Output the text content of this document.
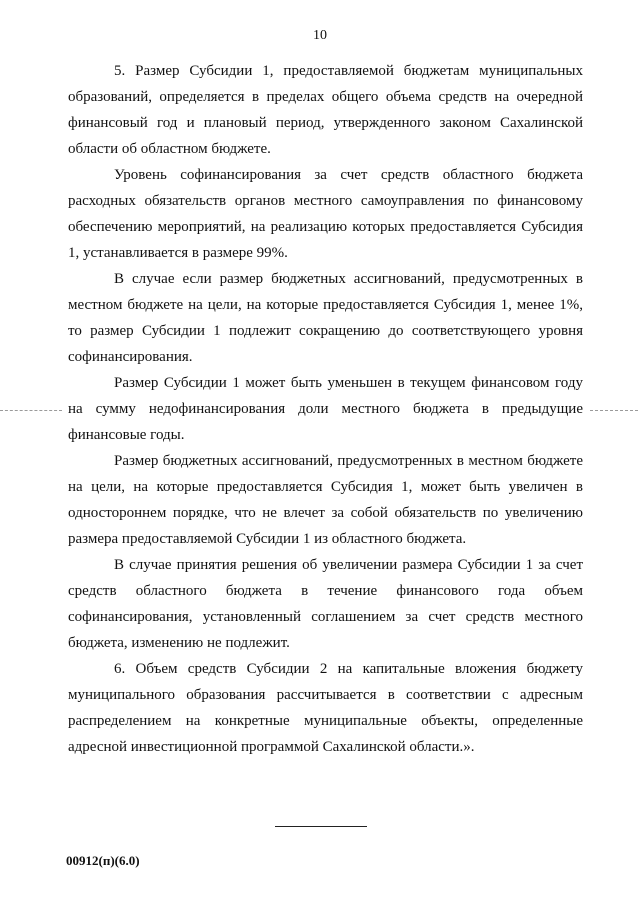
10

5. Размер Субсидии 1, предоставляемой бюджетам муниципальных образований, определяется в пределах общего объема средств на очередной финансовый год и плановый период, утвержденного законом Сахалинской области об областном бюджете.

Уровень софинансирования за счет средств областного бюджета расходных обязательств органов местного самоуправления по финансовому обеспечению мероприятий, на реализацию которых предоставляется Субсидия 1, устанавливается в размере 99%.

В случае если размер бюджетных ассигнований, предусмотренных в местном бюджете на цели, на которые предоставляется Субсидия 1, менее 1%, то размер Субсидии 1 подлежит сокращению до соответствующего уровня софинансирования.

Размер Субсидии 1 может быть уменьшен в текущем финансовом году на сумму недофинансирования доли местного бюджета в предыдущие финансовые годы.

Размер бюджетных ассигнований, предусмотренных в местном бюджете на цели, на которые предоставляется Субсидия 1, может быть увеличен в одностороннем порядке, что не влечет за собой обязательств по увеличению размера предоставляемой Субсидии 1 из областного бюджета.

В случае принятия решения об увеличении размера Субсидии 1 за счет средств областного бюджета в течение финансового года объем софинансирования, установленный соглашением за счет средств местного бюджета, изменению не подлежит.

6. Объем средств Субсидии 2 на капитальные вложения бюджету муниципального образования рассчитывается в соответствии с адресным распределением на конкретные муниципальные объекты, определенные адресной инвестиционной программой Сахалинской области.».

00912(п)(6.0)
